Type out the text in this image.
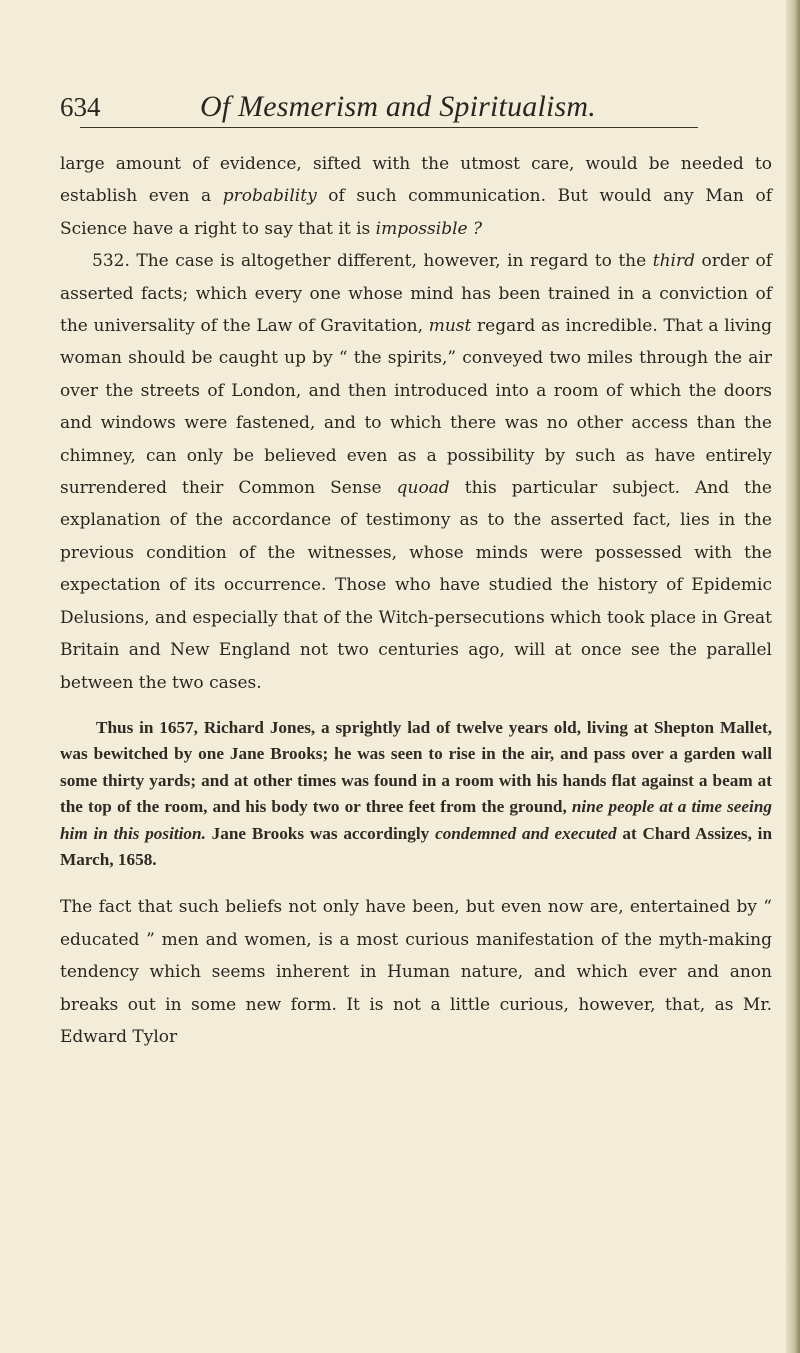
634	Of Mesmerism and Spiritualism.

large amount of evidence, sifted with the utmost care, would be needed to establish even a probability of such communication. But would any Man of Science have a right to say that it is impossible ?

532. The case is altogether different, however, in regard to the third order of asserted facts; which every one whose mind has been trained in a conviction of the universality of the Law of Gravitation, must regard as incredible. That a living woman should be caught up by “ the spirits,” conveyed two miles through the air over the streets of London, and then introduced into a room of which the doors and windows were fastened, and to which there was no other access than the chimney, can only be believed even as a possibility by such as have entirely surrendered their Common Sense quoad this particular subject. And the explanation of the accordance of testimony as to the asserted fact, lies in the previous condition of the witnesses, whose minds were possessed with the expectation of its occurrence. Those who have studied the history of Epidemic Delusions, and especially that of the Witch-persecutions which took place in Great Britain and New England not two centuries ago, will at once see the parallel between the two cases.

Thus in 1657, Richard Jones, a sprightly lad of twelve years old, living at Shepton Mallet, was bewitched by one Jane Brooks; he was seen to rise in the air, and pass over a garden wall some thirty yards; and at other times was found in a room with his hands flat against a beam at the top of the room, and his body two or three feet from the ground, nine people at a time seeing him in this position. Jane Brooks was accordingly condemned and executed at Chard Assizes, in March, 1658.

The fact that such beliefs not only have been, but even now are, entertained by “ educated ” men and women, is a most curious manifestation of the myth-making tendency which seems inherent in Human nature, and which ever and anon breaks out in some new form. It is not a little curious, however, that, as Mr. Edward Tylor
